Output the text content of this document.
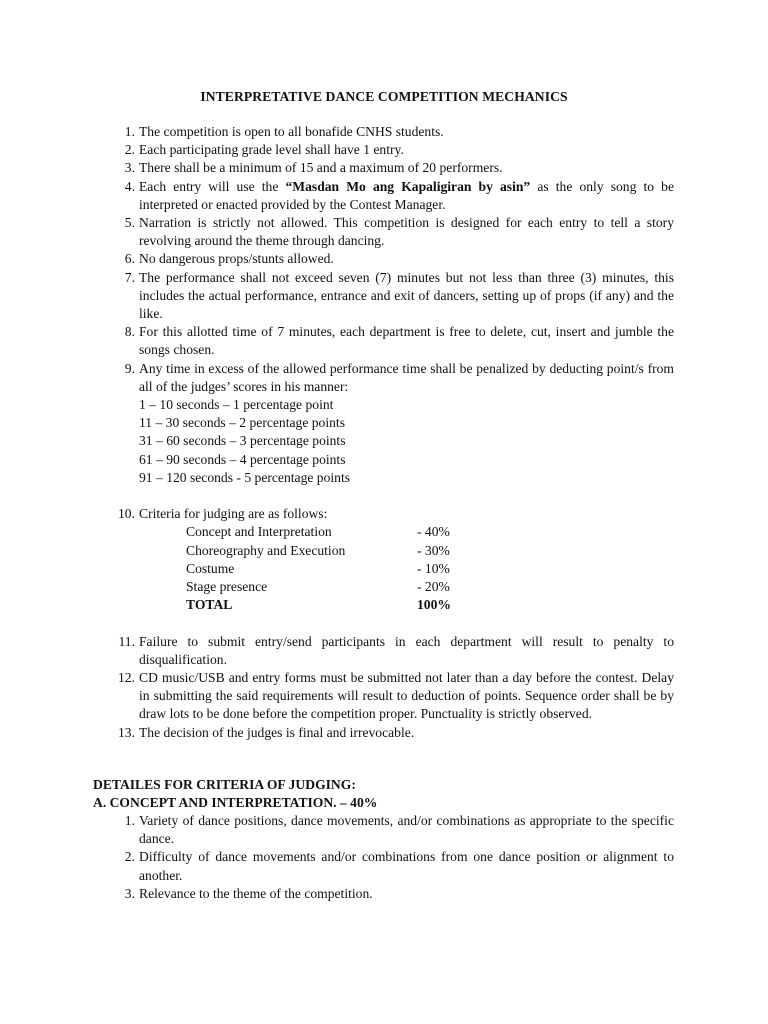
INTERPRETATIVE DANCE COMPETITION MECHANICS
1. The competition is open to all bonafide CNHS students.
2. Each participating grade level shall have 1 entry.
3. There shall be a minimum of 15 and a maximum of 20 performers.
4. Each entry will use the “Masdan Mo ang Kapaligiran by asin” as the only song to be interpreted or enacted provided by the Contest Manager.
5. Narration is strictly not allowed. This competition is designed for each entry to tell a story revolving around the theme through dancing.
6. No dangerous props/stunts allowed.
7. The performance shall not exceed seven (7) minutes but not less than three (3) minutes, this includes the actual performance, entrance and exit of dancers, setting up of props (if any) and the like.
8. For this allotted time of 7 minutes, each department is free to delete, cut, insert and jumble the songs chosen.
9. Any time in excess of the allowed performance time shall be penalized by deducting point/s from all of the judges’ scores in his manner:
1 – 10 seconds – 1 percentage point
11 – 30 seconds – 2 percentage points
31 – 60 seconds – 3 percentage points
61 – 90 seconds – 4 percentage points
91 – 120 seconds - 5 percentage points
10. Criteria for judging are as follows:
Concept and Interpretation	- 40%
Choreography and Execution	- 30%
Costume	- 10%
Stage presence	- 20%
TOTAL	100%
11. Failure to submit entry/send participants in each department will result to penalty to disqualification.
12. CD music/USB and entry forms must be submitted not later than a day before the contest. Delay in submitting the said requirements will result to deduction of points. Sequence order shall be by draw lots to be done before the competition proper. Punctuality is strictly observed.
13. The decision of the judges is final and irrevocable.
DETAILES FOR CRITERIA OF JUDGING:
A. CONCEPT AND INTERPRETATION. – 40%
1. Variety of dance positions, dance movements, and/or combinations as appropriate to the specific dance.
2. Difficulty of dance movements and/or combinations from one dance position or alignment to another.
3. Relevance to the theme of the competition.
